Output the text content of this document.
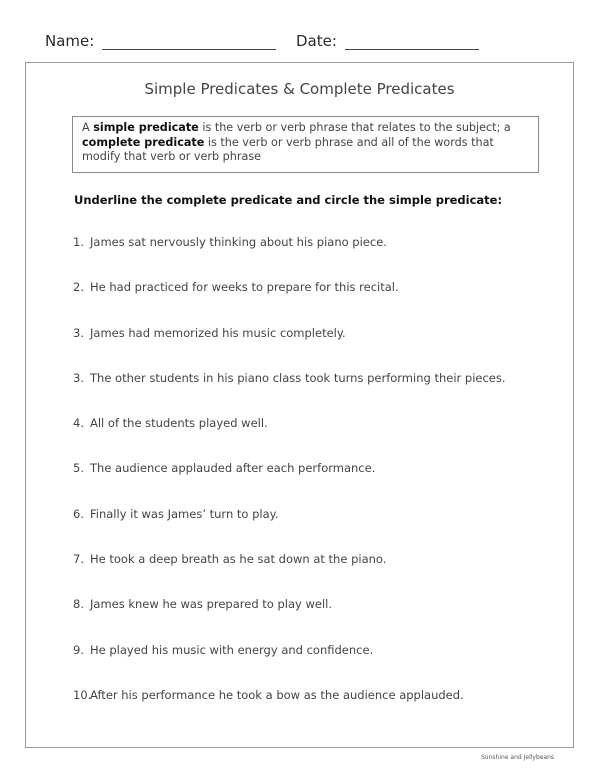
Name:	Date:
Simple Predicates & Complete Predicates
A simple predicate is the verb or verb phrase that relates to the subject; a complete predicate is the verb or verb phrase and all of the words that modify that verb or verb phrase
Underline the complete predicate and circle the simple predicate:
1. James sat nervously thinking about his piano piece.
2. He had practiced for weeks to prepare for this recital.
3. James had memorized his music completely.
3. The other students in his piano class took turns performing their pieces.
4. All of the students played well.
5. The audience applauded after each performance.
6. Finally it was James’ turn to play.
7. He took a deep breath as he sat down at the piano.
8. James knew he was prepared to play well.
9. He played his music with energy and confidence.
10.
After his performance he took a bow as the audience applauded.
Sunshine and Jellybeans
